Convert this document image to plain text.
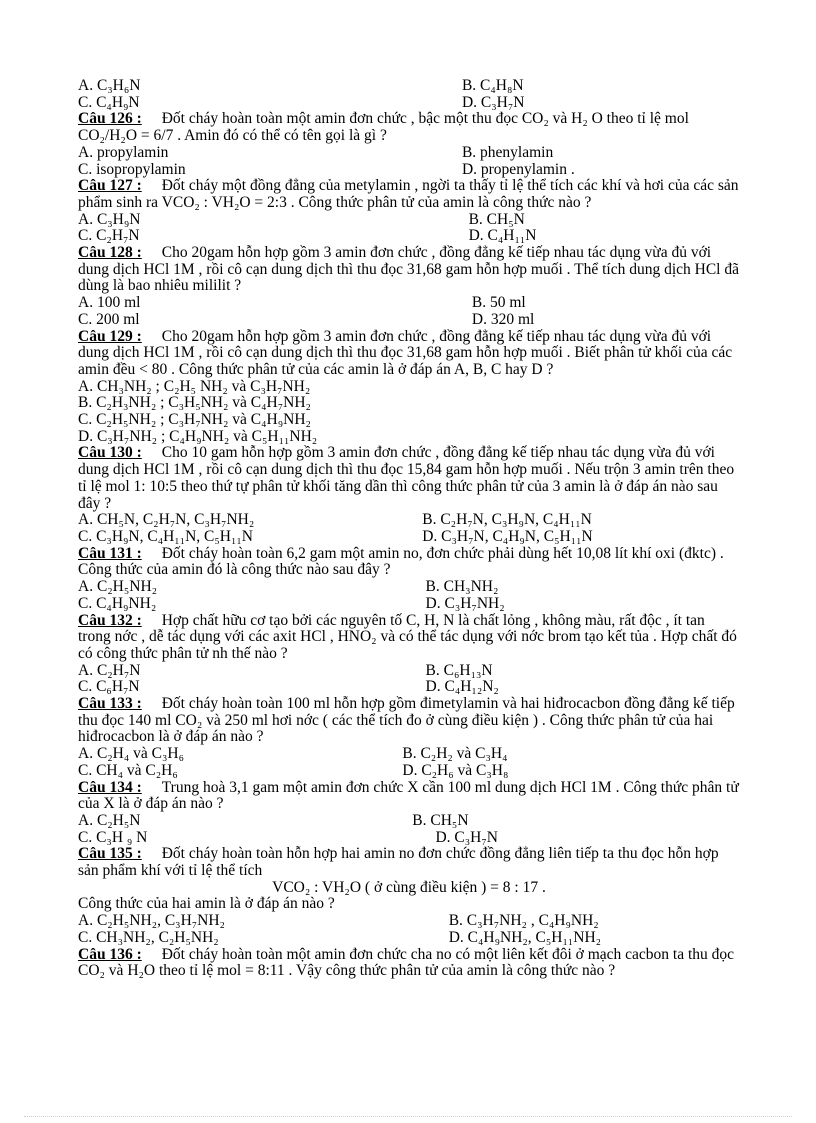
A. C₃H₆N	B. C₄H₈N
C. C₄H₉N	D. C₃H₇N

Câu 126 : Đốt cháy hoàn toàn một amin đơn chức , bậc một thu đọc CO₂ và H₂ O theo tỉ lệ mol CO₂/H₂O = 6/7 . Amin đó có thể có tên gọi là gì ?

A. propylamin	B. phenylamin
C. isopropylamin	D. propenylamin .

Câu 127 : Đốt cháy một đồng đẳng của metylamin , ngời ta thấy tỉ lệ thể tích các khí và hơi của các sản phẩm sinh ra VCO₂ : VH₂O = 2:3 . Công thức phân tử của amin là công thức nào ?

A. C₃H₉N	B. CH₅N
C. C₂H₇N	D. C₄H₁₁N

Câu 128 : Cho 20gam hỗn hợp gồm 3 amin đơn chức , đồng đẳng kế tiếp nhau tác dụng vừa đủ với dung dịch HCl 1M , rồi cô cạn dung dịch thì thu đọc 31,68 gam hỗn hợp muối . Thể tích dung dịch HCl đã dùng là bao nhiêu mililit ?

A. 100 ml	B. 50 ml
C. 200 ml	D. 320 ml

Câu 129 : Cho 20gam hỗn hợp gồm 3 amin đơn chức , đồng đẳng kế tiếp nhau tác dụng vừa đủ với dung dịch HCl 1M , rồi cô cạn dung dịch thì thu đọc 31,68 gam hỗn hợp muối . Biết phân tử khối của các amin đều < 80 . Công thức phân tử của các amin là ở đáp án A, B, C hay D ?

A. CH₃NH₂ ; C₂H₅ NH₂ và C₃H₇NH₂
B. C₂H₃NH₂ ; C₃H₅NH₂ và C₄H₇NH₂
C. C₂H₅NH₂ ; C₃H₇NH₂ và C₄H₉NH₂
D. C₃H₇NH₂ ; C₄H₉NH₂ và C₅H₁₁NH₂

Câu 130 : Cho 10 gam hỗn hợp gồm 3 amin đơn chức , đồng đẳng kế tiếp nhau tác dụng vừa đủ với dung dịch HCl 1M , rồi cô cạn dung dịch thì thu đọc 15,84 gam hỗn hợp muối . Nếu trộn 3 amin trên theo tỉ lệ mol 1: 10:5 theo thứ tự phân tử khối tăng dần thì công thức phân tử của 3 amin là ở đáp án nào sau đây ?

A. CH₅N, C₂H₇N, C₃H₇NH₂	B. C₂H₇N, C₃H₉N, C₄H₁₁N
C. C₃H₉N, C₄H₁₁N, C₅H₁₁N	D. C₃H₇N, C₄H₉N, C₅H₁₁N

Câu 131 : Đốt cháy hoàn toàn 6,2 gam một amin no, đơn chức phải dùng hết 10,08 lít khí oxi (đktc) . Công thức của amin đó là công thức nào sau đây ?

A. C₂H₅NH₂	B. CH₃NH₂
C. C₄H₉NH₂	D. C₃H₇NH₂

Câu 132 : Hợp chất hữu cơ tạo bởi các nguyên tố C, H, N là chất lỏng , không màu, rất độc , ít tan trong nớc , dễ tác dụng với các axit HCl , HNO₂ và có thể tác dụng với nớc brom tạo kết tủa . Hợp chất đó có công thức phân tử nh thế nào ?

A. C₂H₇N	B. C₆H₁₃N
C. C₆H₇N	D. C₄H₁₂N₂

Câu 133 : Đốt cháy hoàn toàn 100 ml hỗn hợp gồm đimetylamin và hai hiđrocacbon đồng đẳng kế tiếp thu đọc 140 ml CO₂ và 250 ml hơi nớc ( các thể tích đo ở cùng điều kiện ) . Công thức phân tử của hai hiđrocacbon là ở đáp án nào ?

A. C₂H₄ và C₃H₆	B. C₂H₂ và C₃H₄
C. CH₄ và C₂H₆	D. C₂H₆ và C₃H₈

Câu 134 : Trung hoà 3,1 gam một amin đơn chức X cần 100 ml dung dịch HCl 1M . Công thức phân tử của X là ở đáp án nào ?

A. C₂H₅N	B. CH₅N
C. C₃H ₉ N	D. C₃H₇N

Câu 135 : Đốt cháy hoàn toàn hỗn hợp hai amin no đơn chức đồng đẳng liên tiếp ta thu đọc hỗn hợp sản phẩm khí với tỉ lệ thể tích

VCO₂ : VH₂O ( ở cùng điều kiện ) = 8 : 17 .
Công thức của hai amin là ở đáp án nào ?
A. C₂H₅NH₂, C₃H₇NH₂	B. C₃H₇NH₂ , C₄H₉NH₂
C. CH₃NH₂, C₂H₅NH₂	D. C₄H₉NH₂, C₅H₁₁NH₂

Câu 136 : Đốt cháy hoàn toàn một amin đơn chức cha no có một liên kết đôi ở mạch cacbon ta thu đọc CO₂ và H₂O theo tỉ lệ mol = 8:11 . Vậy công thức phân tử của amin là công thức nào ?
